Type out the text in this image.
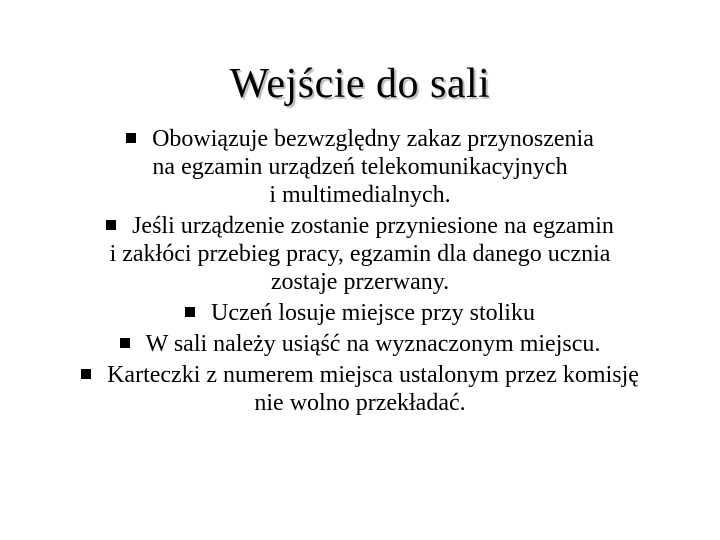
Wejście do sali
Obowiązuje bezwzględny zakaz przynoszenia
na egzamin urządzeń telekomunikacyjnych
i multimedialnych.
Jeśli urządzenie zostanie przyniesione na egzamin
i zakłóci przebieg pracy, egzamin dla danego ucznia
zostaje przerwany.
Uczeń losuje miejsce przy stoliku
W sali należy usiąść na wyznaczonym miejscu.
Karteczki z numerem miejsca ustalonym przez komisję
nie wolno przekładać.
